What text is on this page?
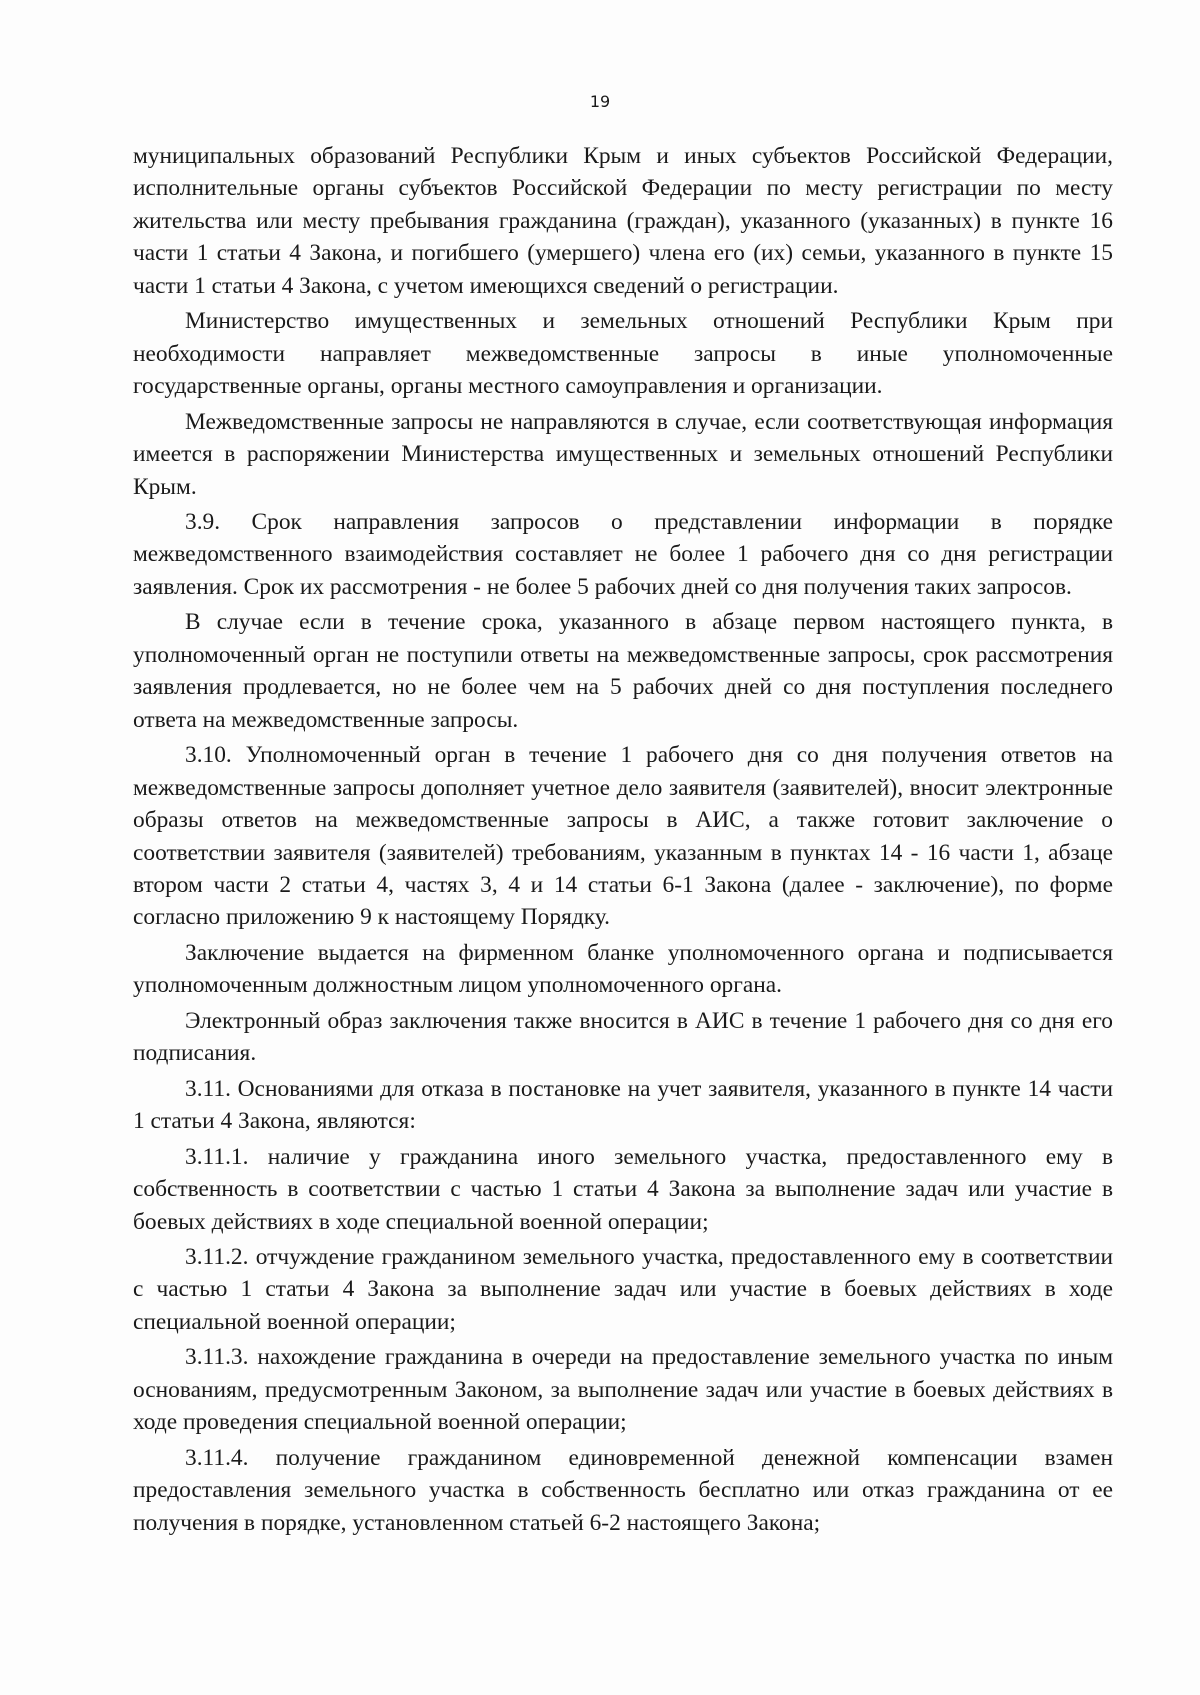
19

муниципальных образований Республики Крым и иных субъектов Российской Федерации, исполнительные органы субъектов Российской Федерации по месту регистрации по месту жительства или месту пребывания гражданина (граждан), указанного (указанных) в пункте 16 части 1 статьи 4 Закона, и погибшего (умершего) члена его (их) семьи, указанного в пункте 15 части 1 статьи 4 Закона, с учетом имеющихся сведений о регистрации.

Министерство имущественных и земельных отношений Республики Крым при необходимости направляет межведомственные запросы в иные уполномоченные государственные органы, органы местного самоуправления и организации.

Межведомственные запросы не направляются в случае, если соответствующая информация имеется в распоряжении Министерства имущественных и земельных отношений Республики Крым.

3.9. Срок направления запросов о представлении информации в порядке межведомственного взаимодействия составляет не более 1 рабочего дня со дня регистрации заявления. Срок их рассмотрения - не более 5 рабочих дней со дня получения таких запросов.

В случае если в течение срока, указанного в абзаце первом настоящего пункта, в уполномоченный орган не поступили ответы на межведомственные запросы, срок рассмотрения заявления продлевается, но не более чем на 5 рабочих дней со дня поступления последнего ответа на межведомственные запросы.

3.10. Уполномоченный орган в течение 1 рабочего дня со дня получения ответов на межведомственные запросы дополняет учетное дело заявителя (заявителей), вносит электронные образы ответов на межведомственные запросы в АИС, а также готовит заключение о соответствии заявителя (заявителей) требованиям, указанным в пунктах 14 - 16 части 1, абзаце втором части 2 статьи 4, частях 3, 4 и 14 статьи 6-1 Закона (далее - заключение), по форме согласно приложению 9 к настоящему Порядку.

Заключение выдается на фирменном бланке уполномоченного органа и подписывается уполномоченным должностным лицом уполномоченного органа.

Электронный образ заключения также вносится в АИС в течение 1 рабочего дня со дня его подписания.

3.11. Основаниями для отказа в постановке на учет заявителя, указанного в пункте 14 части 1 статьи 4 Закона, являются:

3.11.1. наличие у гражданина иного земельного участка, предоставленного ему в собственность в соответствии с частью 1 статьи 4 Закона за выполнение задач или участие в боевых действиях в ходе специальной военной операции;

3.11.2. отчуждение гражданином земельного участка, предоставленного ему в соответствии с частью 1 статьи 4 Закона за выполнение задач или участие в боевых действиях в ходе специальной военной операции;

3.11.3. нахождение гражданина в очереди на предоставление земельного участка по иным основаниям, предусмотренным Законом, за выполнение задач или участие в боевых действиях в ходе проведения специальной военной операции;

3.11.4. получение гражданином единовременной денежной компенсации взамен предоставления земельного участка в собственность бесплатно или отказ гражданина от ее получения в порядке, установленном статьей 6-2 настоящего Закона;
